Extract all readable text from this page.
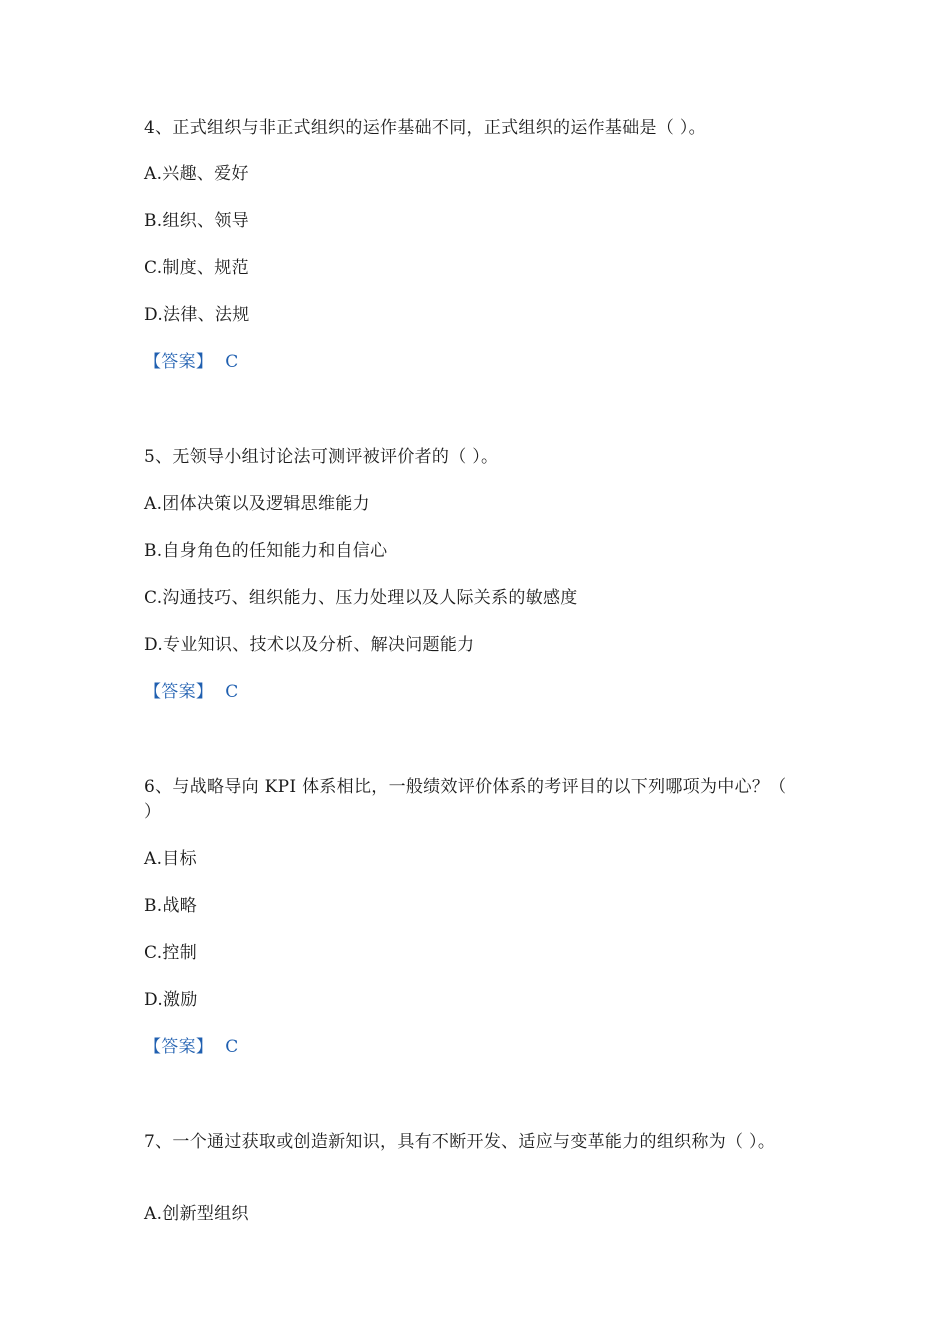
4、正式组织与非正式组织的运作基础不同，正式组织的运作基础是（ ）。
A.兴趣、爱好
B.组织、领导
C.制度、规范
D.法律、法规
【答案】 C
5、无领导小组讨论法可测评被评价者的（ ）。
A.团体决策以及逻辑思维能力
B.自身角色的任知能力和自信心
C.沟通技巧、组织能力、压力处理以及人际关系的敏感度
D.专业知识、技术以及分析、解决问题能力
【答案】 C
6、与战略导向 KPI 体系相比，一般绩效评价体系的考评目的以下列哪项为中心？（ ）
A.目标
B.战略
C.控制
D.激励
【答案】 C
7、一个通过获取或创造新知识，具有不断开发、适应与变革能力的组织称为（ ）。
A.创新型组织
